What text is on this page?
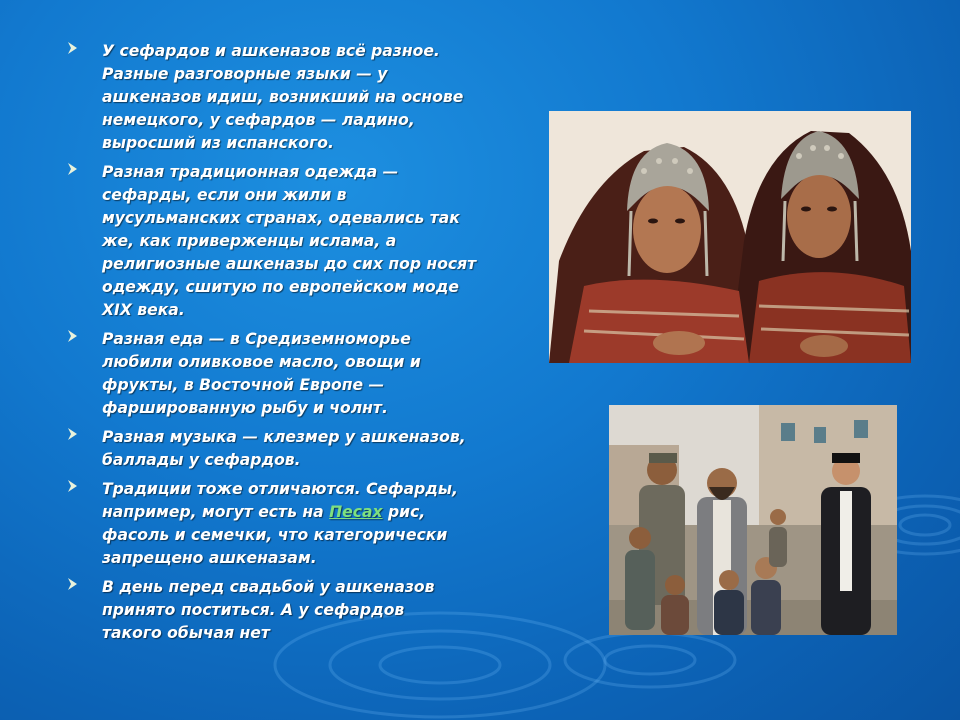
У сефардов и ашкеназов всё разное.
Разные разговорные языки — у
ашкеназов идиш, возникший на основе
немецкого, у сефардов — ладино,
выросший из испанского.
Разная традиционная одежда —
сефарды, если они жили в
мусульманских странах, одевались так
же, как приверженцы ислама, а
религиозные ашкеназы до сих пор носят
одежду, сшитую по европейском моде
XIX века.
Разная еда — в Средиземноморье
любили оливковое масло, овощи и
фрукты, в Восточной Европе —
фаршированную рыбу и чолнт.
Разная музыка — клезмер у ашкеназов,
баллады у сефардов.
Традиции тоже отличаются. Сефарды,
например, могут есть на Песах рис,
фасоль и семечки, что категорически
запрещено ашкеназам.
В день перед свадьбой у ашкеназов
принято поститься. А у сефардов
такого обычая нет
